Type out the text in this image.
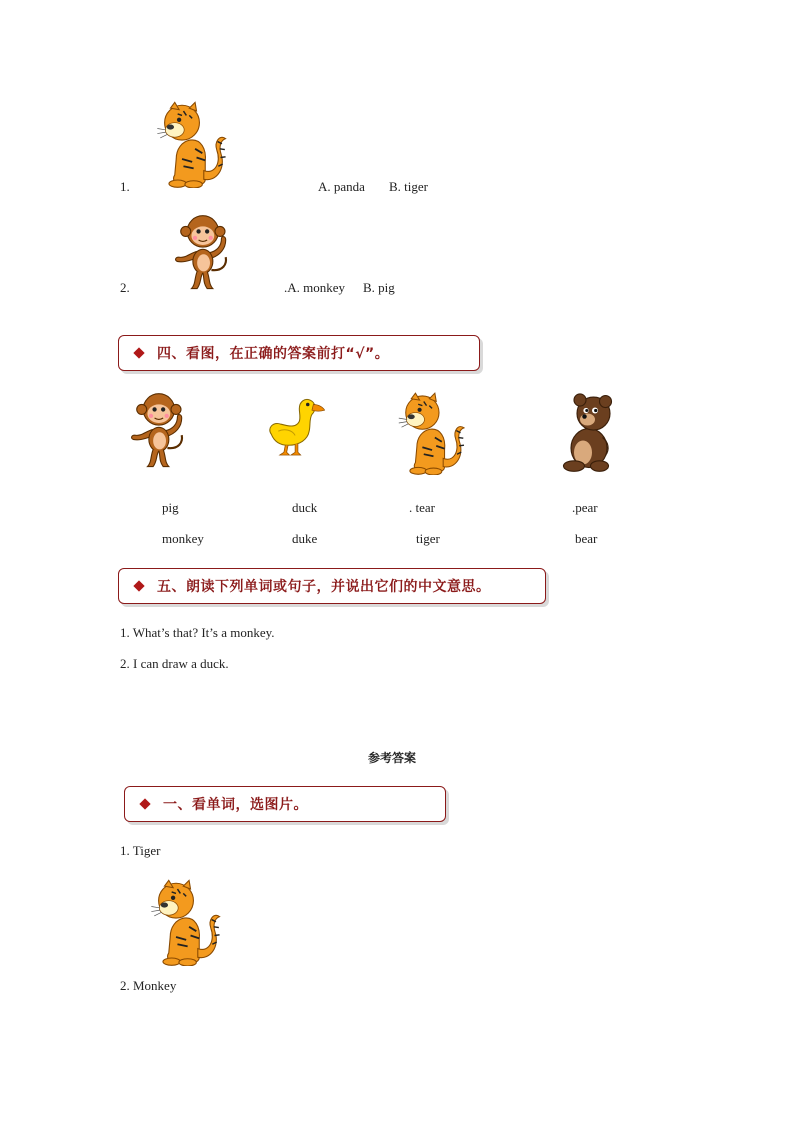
1.	A. panda B. tiger
2.	.A. monkey B. pig
四、看图，在正确的答案前打“√”。
pig
monkey
duck
duke
. tear
tiger
.pear
bear
五、朗读下列单词或句子，并说出它们的中文意思。
1. What’s that? It’s a monkey.
2. I can draw a duck.
参考答案
一、看单词，选图片。
1. Tiger
2. Monkey
